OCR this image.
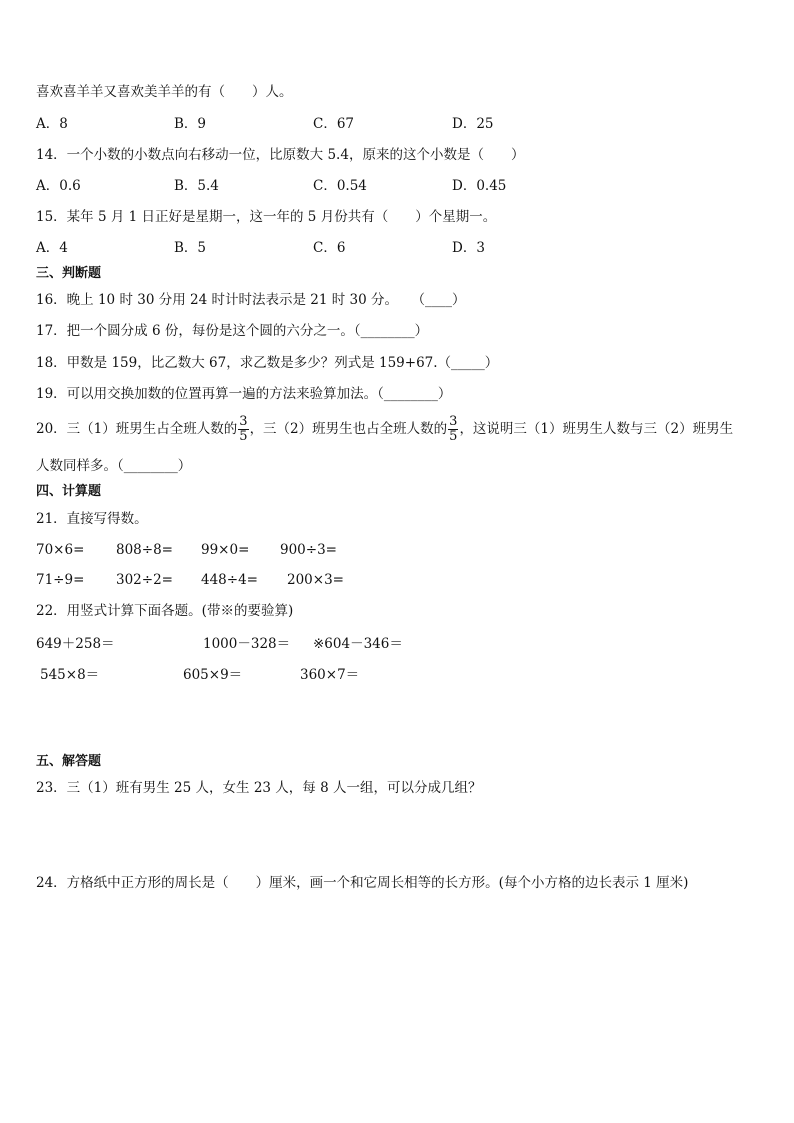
喜欢喜羊羊又喜欢美羊羊的有（　　）人。
A．8	B．9	C．67	D．25
14．一个小数的小数点向右移动一位，比原数大 5.4，原来的这个小数是（　　）
A．0.6	B．5.4	C．0.54	D．0.45
15．某年 5 月 1 日正好是星期一，这一年的 5 月份共有（　　）个星期一。
A．4	B．5	C．6	D．3
三、判断题
16．晚上 10 时 30 分用 24 时计时法表示是 21 时 30 分。　　（____）
17．把一个圆分成 6 份，每份是这个圆的六分之一。（________）
18．甲数是 159，比乙数大 67，求乙数是多少？列式是 159+67.（_____）
19．可以用交换加数的位置再算一遍的方法来验算加法。（________）
20．三（1）班男生占全班人数的 $\frac{3}{5}$ ，三（2）班男生也占全班人数的 $\frac{3}{5}$ ，这说明三（1）班男生人数与三（2）班男生
人数同样多。（________）
四、计算题
21．直接写得数。
70×6= 808÷8= 99×0= 900÷3=
71÷9= 302÷2= 448÷4= 200×3=
22．用竖式计算下面各题。(带※的要验算)
649＋258＝	1000－328＝ ※604－346＝
545×8＝	605×9＝	360×7＝
五、解答题
23．三（1）班有男生 25 人，女生 23 人，每 8 人一组，可以分成几组？
24．方格纸中正方形的周长是（　　）厘米，画一个和它周长相等的长方形。(每个小方格的边长表示 1 厘米)
